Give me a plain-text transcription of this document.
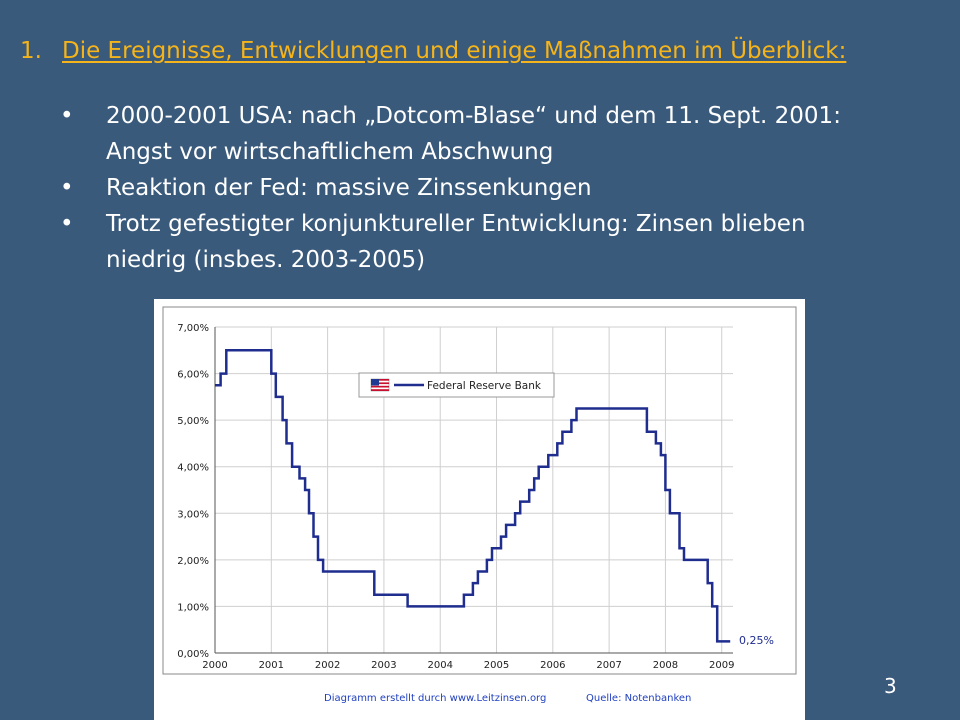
1. Die Ereignisse, Entwicklungen und einige Maßnahmen im Überblick:
• 2000-2001 USA: nach „Dotcom-Blase“ und dem 11. Sept. 2001:
Angst vor wirtschaftlichem Abschwung
• Reaktion der Fed: massive Zinssenkungen
• Trotz gefestigter konjunktureller Entwicklung: Zinsen blieben
niedrig (insbes. 2003-2005)
0,00%
1,00%
2,00%
3,00%
4,00%
5,00%
6,00%
7,00%
2000	2001	2002	2003	2004	2005	2006	2007	2008	2009
Federal Reserve Bank
0,25%
Diagramm erstellt durch www.Leitzinsen.org	Quelle: Notenbanken
3
